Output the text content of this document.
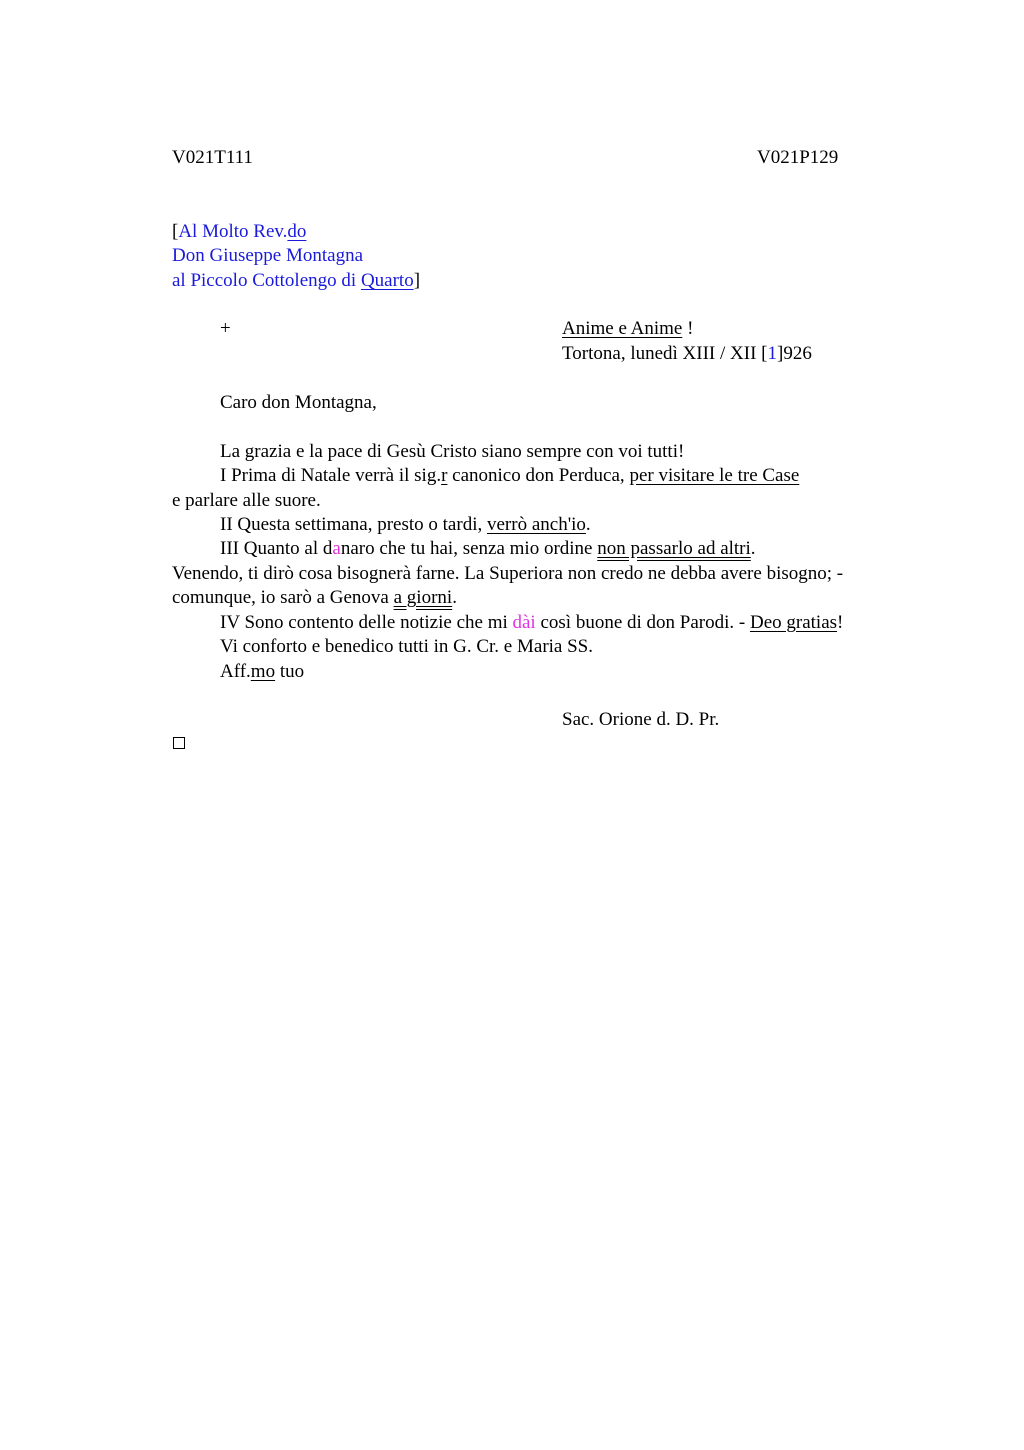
V021T111	V021P129
[Al Molto Rev.do
Don Giuseppe Montagna
al Piccolo Cottolengo di Quarto]
+	Anime e Anime !
Tortona, lunedì XIII / XII [1]926
Caro don Montagna,
La grazia e la pace di Gesù Cristo siano sempre con voi tutti!
I Prima di Natale verrà il sig.r canonico don Perduca, per visitare le tre Case
e parlare alle suore.
II Questa settimana, presto o tardi, verrò anch'io.
III Quanto al danaro che tu hai, senza mio ordine non passarlo ad altri.
Venendo, ti dirò cosa bisognerà farne. La Superiora non credo ne debba avere bisogno; -
comunque, io sarò a Genova a giorni.
IV Sono contento delle notizie che mi dài così buone di don Parodi. - Deo gratias!
Vi conforto e benedico tutti in G. Cr. e Maria SS.
Aff.mo tuo
Sac. Orione d. D. Pr.
